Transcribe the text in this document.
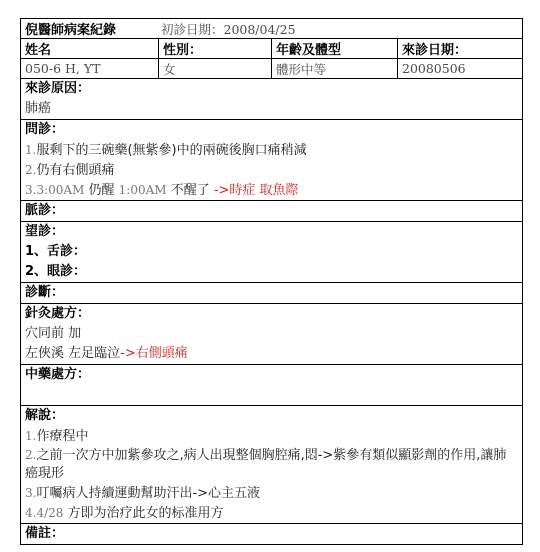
倪醫師病案紀錄	初診日期：2008/04/25
姓名	性別：	年齡及體型	來診日期：
050-6 H, YT	女	體形中等	20080506
來診原因：
肺癌
問診：
1.服剩下的三碗藥(無紫參)中的兩碗後胸口痛稍減
2.仍有右側頭痛
3.3:00AM 仍醒 1:00AM 不醒了 ->時症 取魚際
脈診：
望診：
1、舌診：
2、眼診：
診斷：
針灸處方：
穴同前 加
左俠溪 左足臨泣->右側頭痛
中藥處方：
解說：
1.作療程中
2.之前一次方中加紫參攻之,病人出現整個胸腔痛,悶->紫參有類似顯影劑的作用,讓肺癌現形
3.叮囑病人持續運動幫助汗出->心主五液
4.4/28 方即为治疗此女的标准用方
備註：
